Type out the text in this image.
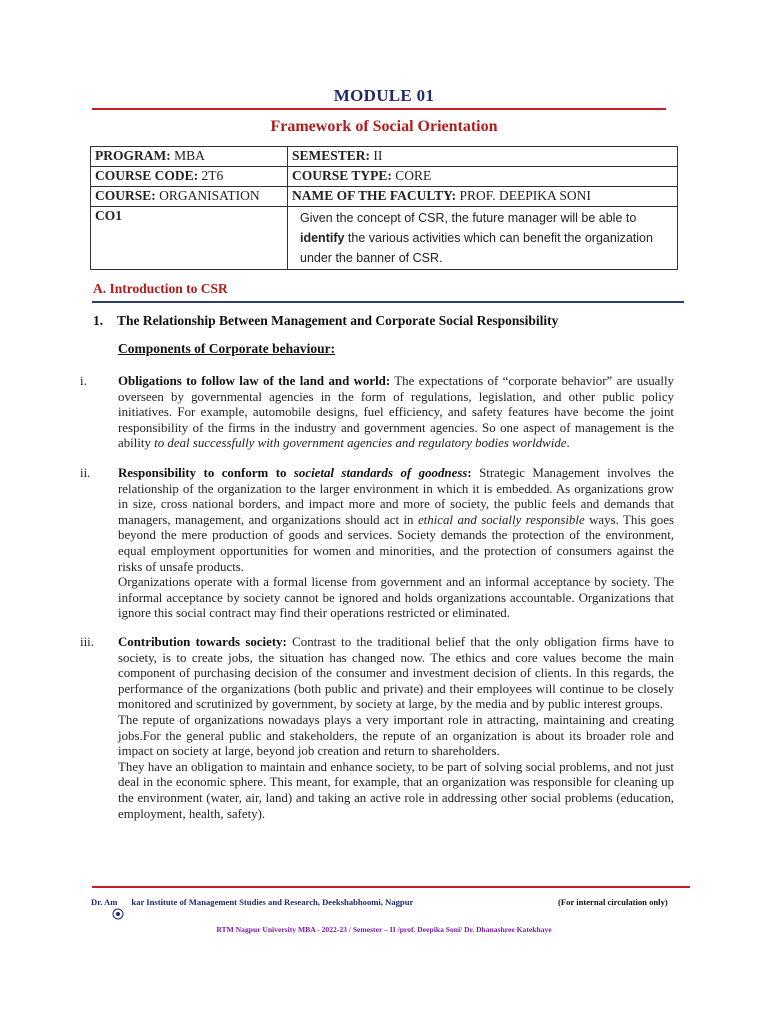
MODULE 01
Framework of Social Orientation
PROGRAM: MBA	SEMESTER: II
COURSE CODE: 2T6	COURSE TYPE: CORE
COURSE: ORGANISATION	NAME OF THE FACULTY: PROF. DEEPIKA SONI
CO1	Given the concept of CSR, the future manager will be able to identify the various activities which can benefit the organization under the banner of CSR.
A. Introduction to CSR
1. The Relationship Between Management and Corporate Social Responsibility
Components of Corporate behaviour:
i.	Obligations to follow law of the land and world: The expectations of “corporate behavior” are usually overseen by governmental agencies in the form of regulations, legislation, and other public policy initiatives. For example, automobile designs, fuel efficiency, and safety features have become the joint responsibility of the firms in the industry and government agencies. So one aspect of management is the ability to deal successfully with government agencies and regulatory bodies worldwide.

ii.	Responsibility to conform to societal standards of goodness: Strategic Management involves the relationship of the organization to the larger environment in which it is embedded. As organizations grow in size, cross national borders, and impact more and more of society, the public feels and demands that managers, management, and organizations should act in ethical and socially responsible ways. This goes beyond the mere production of goods and services. Society demands the protection of the environment, equal employment opportunities for women and minorities, and the protection of consumers against the risks of unsafe products.

Organizations operate with a formal license from government and an informal acceptance by society. The informal acceptance by society cannot be ignored and holds organizations accountable. Organizations that ignore this social contract may find their operations restricted or eliminated.

iii.	Contribution towards society: Contrast to the traditional belief that the only obligation firms have to society, is to create jobs, the situation has changed now. The ethics and core values become the main component of purchasing decision of the consumer and investment decision of clients. In this regards, the performance of the organizations (both public and private) and their employees will continue to be closely monitored and scrutinized by government, by society at large, by the media and by public interest groups.

The repute of organizations nowadays plays a very important role in attracting, maintaining and creating jobs.For the general public and stakeholders, the repute of an organization is about its broader role and impact on society at large, beyond job creation and return to shareholders.

They have an obligation to maintain and enhance society, to be part of solving social problems, and not just deal in the economic sphere. This meant, for example, that an organization was responsible for cleaning up the environment (water, air, land) and taking an active role in addressing other social problems (education, employment, health, safety).

Dr. Am kar Institute of Management Studies and Research, Deekshabhoomi, Nagpur	(For internal circulation only)
RTM Nagpur University MBA - 2022-23 / Semester – II /prof. Deepika Soni/ Dr. Dhanashree Katekhaye
